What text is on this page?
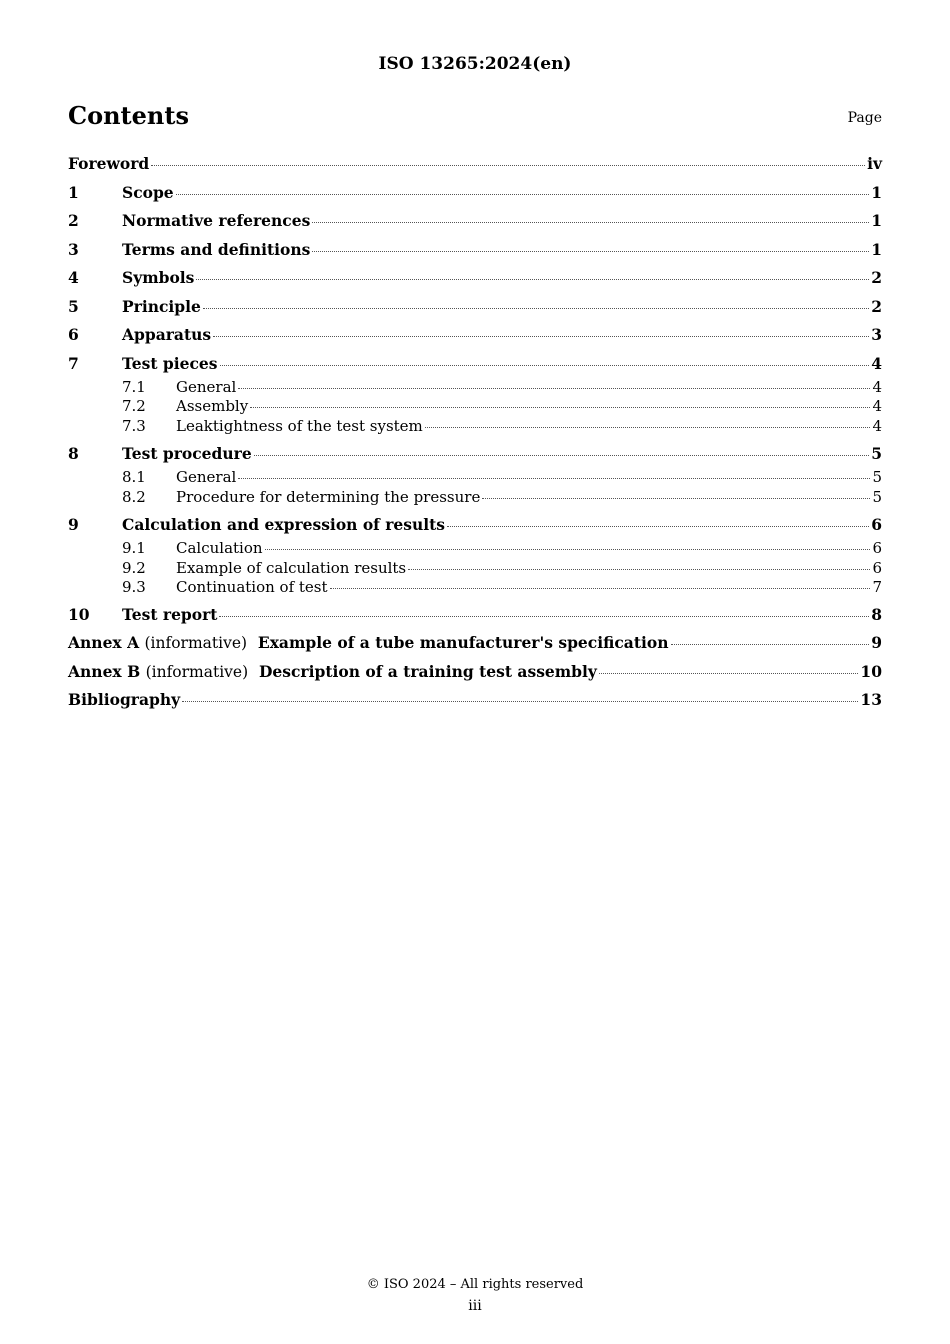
ISO 13265:2024(en)
Contents	Page
Foreword	iv
1	Scope	1
2	Normative references	1
3	Terms and definitions	1
4	Symbols	2
5	Principle	2
6	Apparatus	3
7	Test pieces	4
7.1	General	4
7.2	Assembly	4
7.3	Leaktightness of the test system	4
8	Test procedure	5
8.1	General	5
8.2	Procedure for determining the pressure	5
9	Calculation and expression of results	6
9.1	Calculation	6
9.2	Example of calculation results	6
9.3	Continuation of test	7
10	Test report	8
Annex A (informative) Example of a tube manufacturer's specification	9
Annex B (informative) Description of a training test assembly	10
Bibliography	13
© ISO 2024 – All rights reserved
iii
